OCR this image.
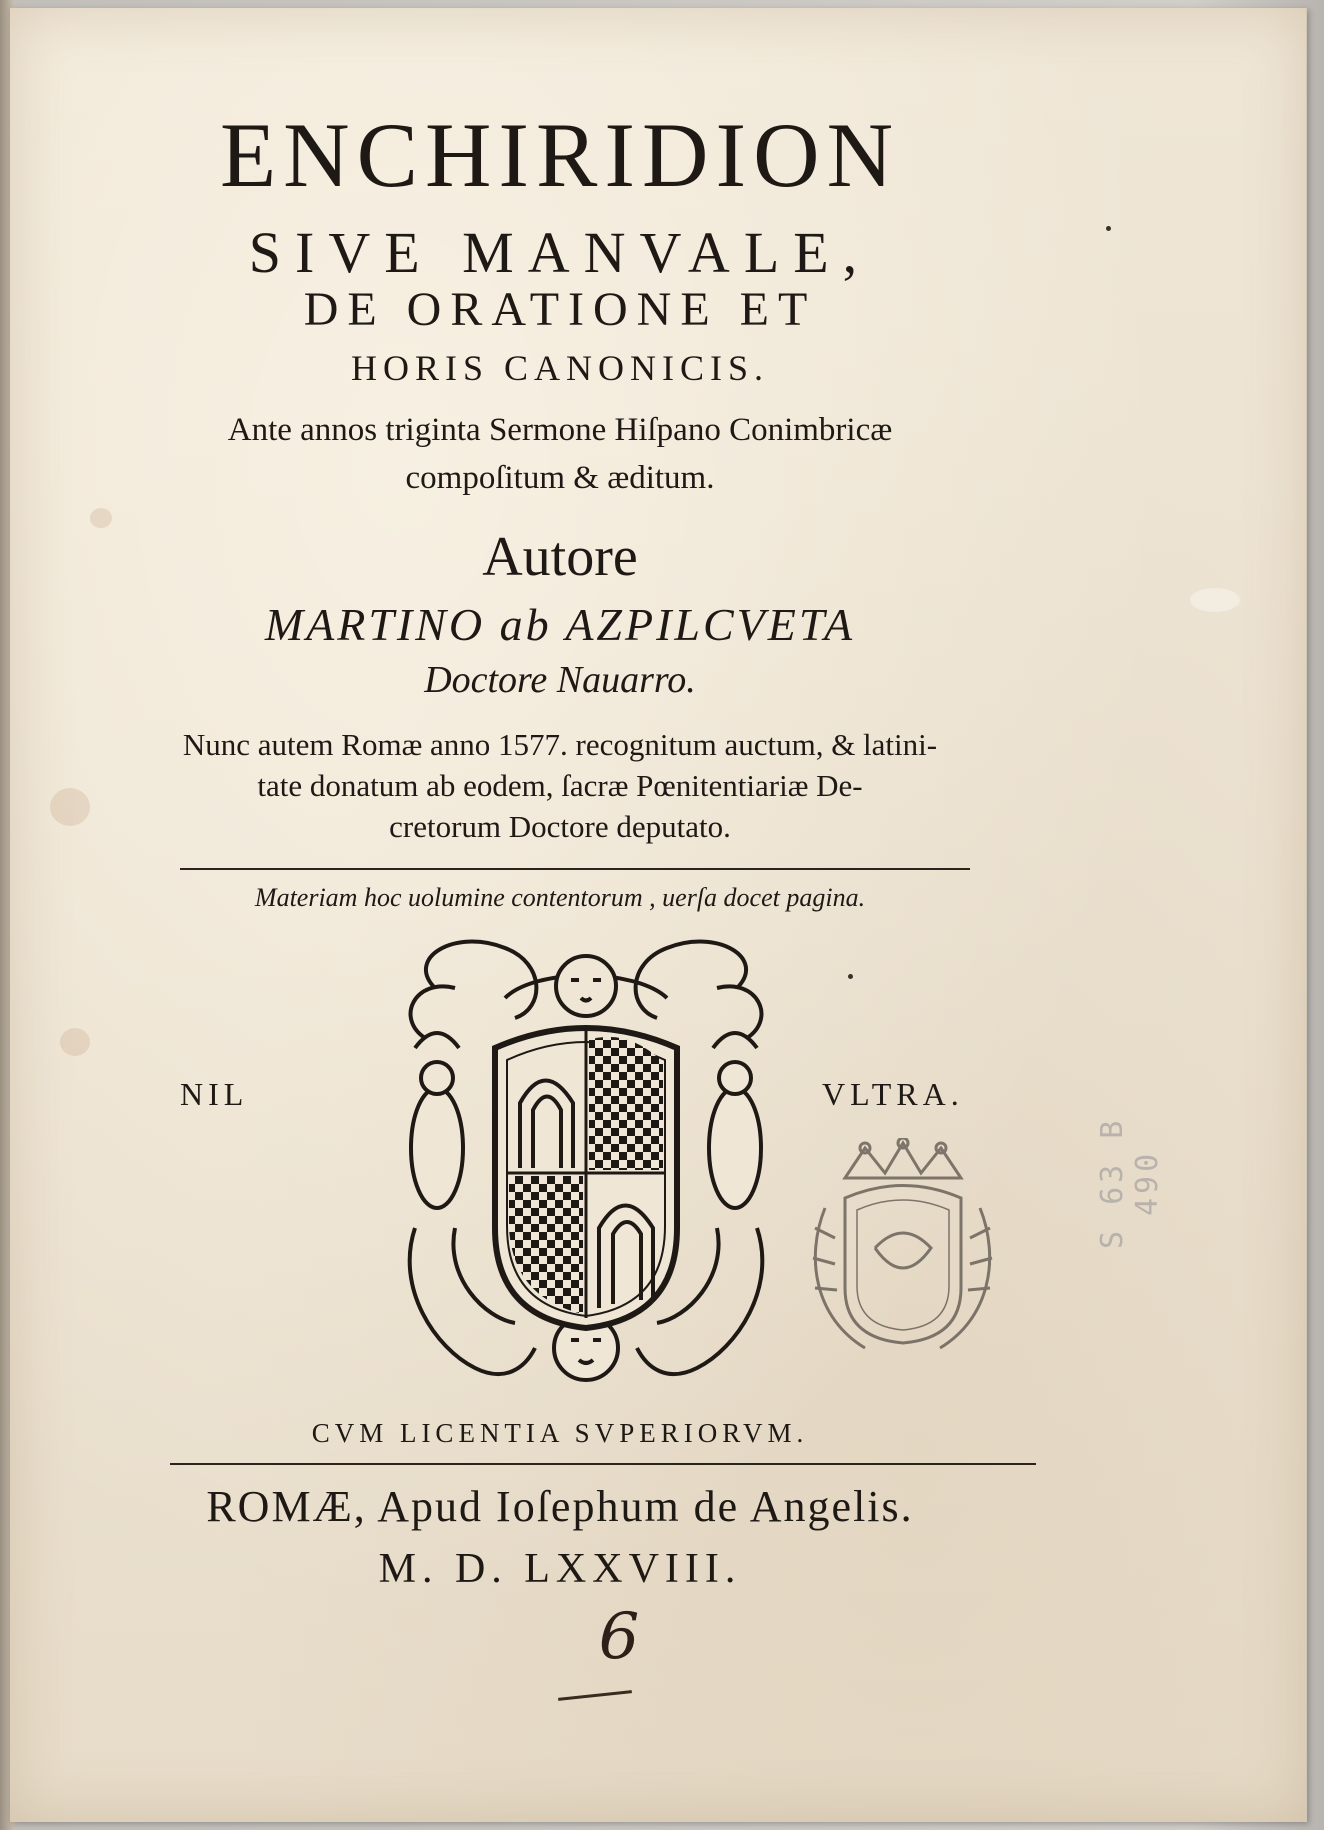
ENCHIRIDION
SIVE MANVALE,
DE ORATIONE ET
HORIS CANONICIS.
Ante annos triginta Sermone Hiſpano Conimbricæ
compoſitum & æditum.
Autore
MARTINO ab AZPILCVETA
Doctore Nauarro.
Nunc autem Romæ anno 1577. recognitum auctum, & latini-
tate donatum ab eodem, ſacræ Pœnitentiariæ De-
cretorum Doctore deputato.
Materiam hoc uolumine contentorum , uerſa docet pagina.
NIL	VLTRA.
S 63 B 490
CVM LICENTIA SVPERIORVM.
ROMÆ, Apud Ioſephum de Angelis.
M. D. LXXVIII.
6
